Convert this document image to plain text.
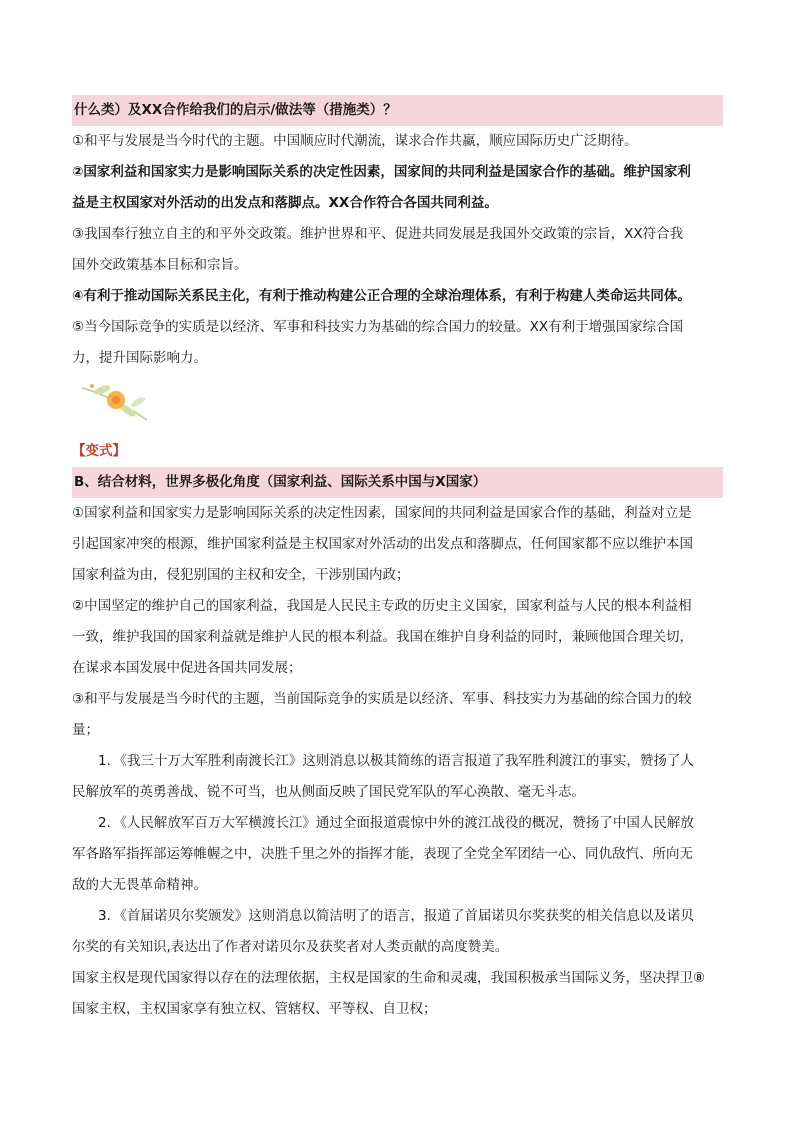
什么类）及XX合作给我们的启示/做法等（措施类）？

①和平与发展是当今时代的主题。中国顺应时代潮流，谋求合作共赢，顺应国际历史广泛期待。

②国家利益和国家实力是影响国际关系的决定性因素，国家间的共同利益是国家合作的基础。维护国家利

益是主权国家对外活动的出发点和落脚点。XX合作符合各国共同利益。

③我国奉行独立自主的和平外交政策。维护世界和平、促进共同发展是我国外交政策的宗旨，XX符合我

国外交政策基本目标和宗旨。

④有利于推动国际关系民主化，有利于推动构建公正合理的全球治理体系，有利于构建人类命运共同体。

⑤当今国际竞争的实质是以经济、军事和科技实力为基础的综合国力的较量。XX有利于增强国家综合国

力，提升国际影响力。

【变式】
B、结合材料，世界多极化角度（国家利益、国际关系中国与X国家）

①国家利益和国家实力是影响国际关系的决定性因素，国家间的共同利益是国家合作的基础，利益对立是

引起国家冲突的根源，维护国家利益是主权国家对外活动的出发点和落脚点，任何国家都不应以维护本国

国家利益为由，侵犯别国的主权和安全，干涉别国内政；

②中国坚定的维护自己的国家利益，我国是人民民主专政的历史主义国家，国家利益与人民的根本利益相

一致，维护我国的国家利益就是维护人民的根本利益。我国在维护自身利益的同时，兼顾他国合理关切，

在谋求本国发展中促进各国共同发展；

③和平与发展是当今时代的主题，当前国际竞争的实质是以经济、军事、科技实力为基础的综合国力的较

量；

1．《我三十万大军胜利南渡长江》这则消息以极其简练的语言报道了我军胜利渡江的事实，赞扬了人

民解放军的英勇善战、锐不可当，也从侧面反映了国民党军队的军心涣散、毫无斗志。

2．《人民解放军百万大军横渡长江》通过全面报道震惊中外的渡江战役的概况，赞扬了中国人民解放

军各路军指挥部运筹帷幄之中，决胜千里之外的指挥才能，表现了全党全军团结一心、同仇敌忾、所向无

敌的大无畏革命精神。

3．《首届诺贝尔奖颁发》这则消息以简洁明了的语言，报道了首届诺贝尔奖获奖的相关信息以及诺贝

尔奖的有关知识,表达出了作者对诺贝尔及获奖者对人类贡献的高度赞美。

国家主权是现代国家得以存在的法理依据，主权是国家的生命和灵魂，我国积极承当国际义务，坚决捍卫⑧

国家主权，主权国家享有独立权、管辖权、平等权、自卫权；
